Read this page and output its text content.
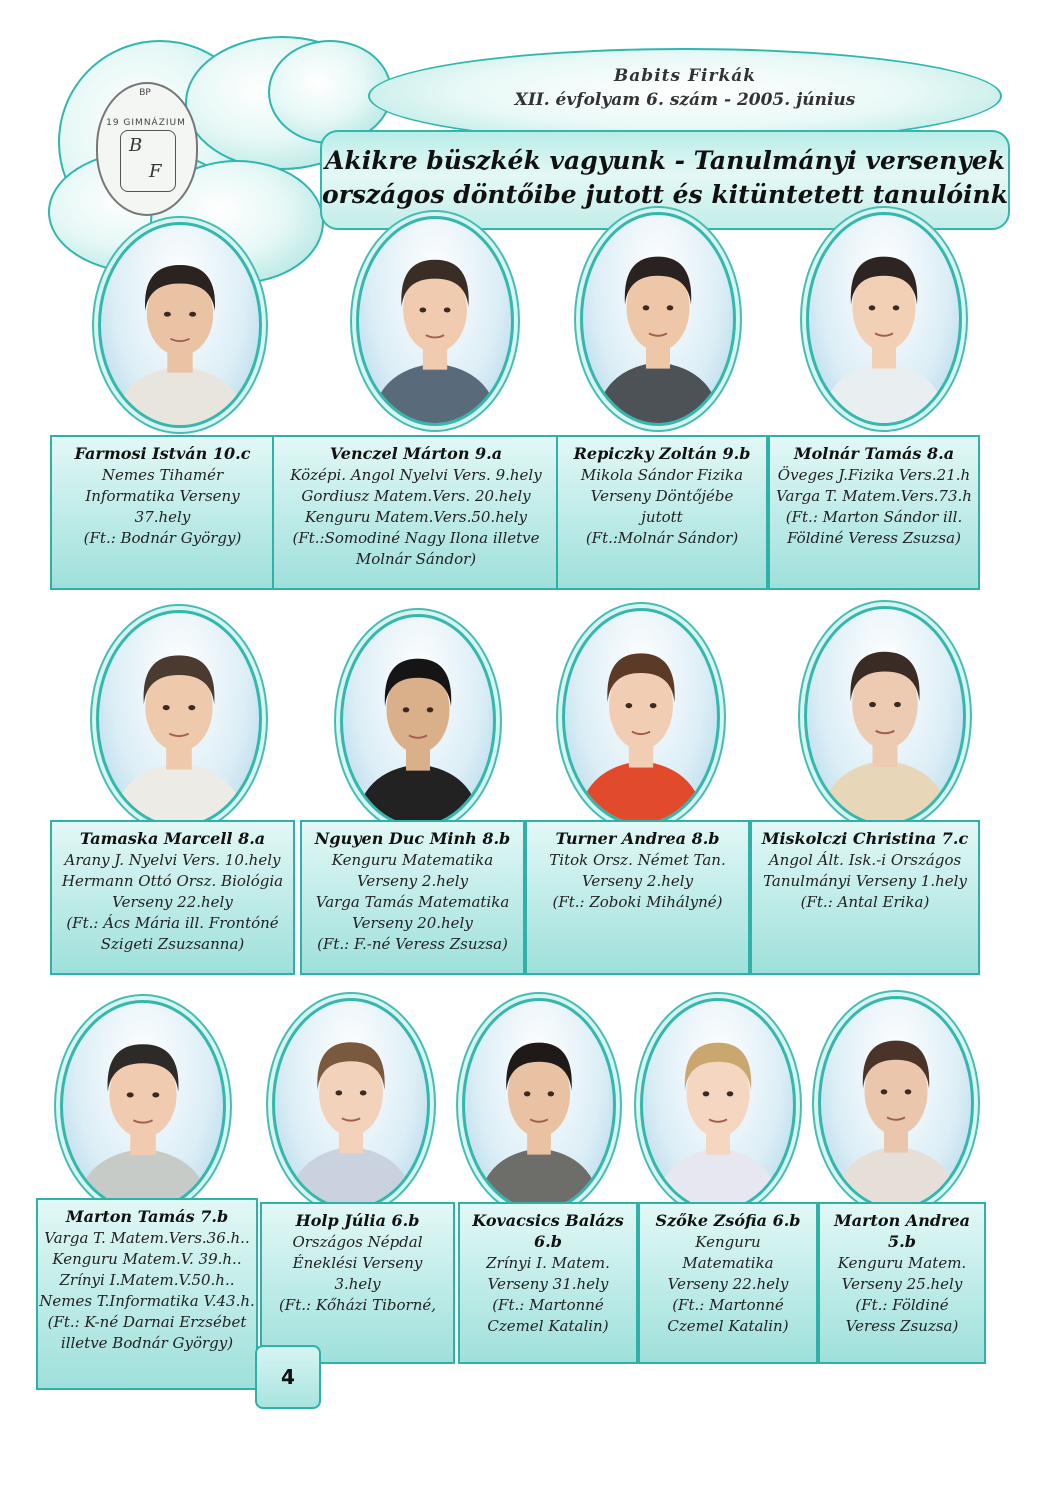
BP
19 GIMNÁZIUM
B
F
Babits Firkák
XII. évfolyam 6. szám - 2005. június
Akikre büszkék vagyunk - Tanulmányi versenyek
országos döntőibe jutott és kitüntetett tanulóink
Farmosi István 10.c
Nemes Tihamér
Informatika Verseny
37.hely
(Ft.: Bodnár György)
Venczel Márton 9.a
Középi. Angol Nyelvi Vers. 9.hely
Gordiusz Matem.Vers. 20.hely
Kenguru Matem.Vers.50.hely
(Ft.:Somodiné Nagy Ilona illetve
Molnár Sándor)
Repiczky Zoltán 9.b
Mikola Sándor Fizika
Verseny Döntőjébe
jutott
(Ft.:Molnár Sándor)
Molnár Tamás 8.a
Öveges J.Fizika Vers.21.h
Varga T. Matem.Vers.73.h
(Ft.: Marton Sándor ill.
Földiné Veress Zsuzsa)
Tamaska Marcell 8.a
Arany J. Nyelvi Vers. 10.hely
Hermann Ottó Orsz. Biológia
Verseny 22.hely
(Ft.: Ács Mária ill. Frontóné
Szigeti Zsuzsanna)
Nguyen Duc Minh 8.b
Kenguru Matematika
Verseny 2.hely
Varga Tamás Matematika
Verseny 20.hely
(Ft.: F.-né Veress Zsuzsa)
Turner Andrea 8.b
Titok Orsz. Német Tan.
Verseny 2.hely
(Ft.: Zoboki Mihályné)
Miskolczi Christina 7.c
Angol Ált. Isk.-i Országos
Tanulmányi Verseny 1.hely
(Ft.: Antal Erika)
Marton Tamás 7.b
Varga T. Matem.Vers.36.h..
Kenguru Matem.V. 39.h..
Zrínyi I.Matem.V.50.h..
Nemes T.Informatika V.43.h.
(Ft.: K-né Darnai Erzsébet
illetve Bodnár György)
Holp Júlia 6.b
Országos Népdal
Éneklési Verseny
3.hely
(Ft.: Kőházi Tiborné,
Kovacsics Balázs 6.b
Zrínyi I. Matem.
Verseny 31.hely
(Ft.: Martonné
Czemel Katalin)
Szőke Zsófia 6.b
Kenguru
Matematika
Verseny 22.hely
(Ft.: Martonné
Czemel Katalin)
Marton Andrea 5.b
Kenguru Matem.
Verseny 25.hely
(Ft.: Földiné
Veress Zsuzsa)
4
